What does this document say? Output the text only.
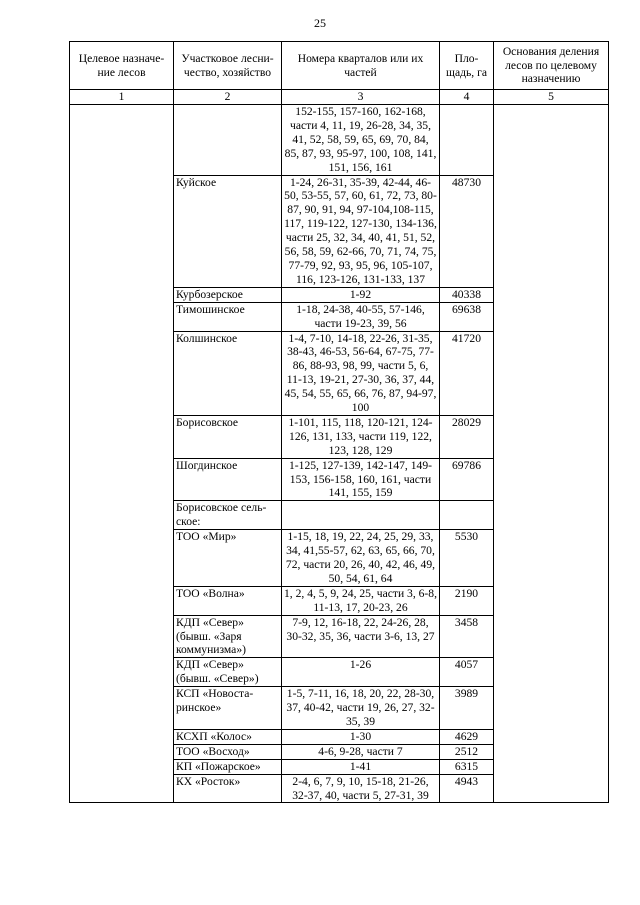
25
Целевое назначе-ние лесов	Участковое лесни-чество, хозяйство	Номера кварталов или их частей	Пло-щадь, га	Основания деления лесов по целевому назначению
1	2	3	4	5
		152-155, 157-160, 162-168, части 4, 11, 19, 26-28, 34, 35, 41, 52, 58, 59, 65, 69, 70, 84, 85, 87, 93, 95-97, 100, 108, 141, 151, 156, 161		
	Куйское	1-24, 26-31, 35-39, 42-44, 46-50, 53-55, 57, 60, 61, 72, 73, 80-87, 90, 91, 94, 97-104,108-115, 117, 119-122, 127-130, 134-136, части 25, 32, 34, 40, 41, 51, 52, 56, 58, 59, 62-66, 70, 71, 74, 75, 77-79, 92, 93, 95, 96, 105-107, 116, 123-126, 131-133, 137	48730	
	Курбозерское	1-92	40338	
	Тимошинское	1-18, 24-38, 40-55, 57-146, части 19-23, 39, 56	69638	
	Колшинское	1-4, 7-10, 14-18, 22-26, 31-35, 38-43, 46-53, 56-64, 67-75, 77-86, 88-93, 98, 99, части 5, 6, 11-13, 19-21, 27-30, 36, 37, 44, 45, 54, 55, 65, 66, 76, 87, 94-97, 100	41720	
	Борисовское	1-101, 115, 118, 120-121, 124-126, 131, 133, части 119, 122, 123, 128, 129	28029	
	Шогдинское	1-125, 127-139, 142-147, 149-153, 156-158, 160, 161, части 141, 155, 159	69786	
	Борисовское сель-ское:			
	ТОО «Мир»	1-15, 18, 19, 22, 24, 25, 29, 33, 34, 41,55-57, 62, 63, 65, 66, 70, 72, части 20, 26, 40, 42, 46, 49, 50, 54, 61, 64	5530	
	ТОО «Волна»	1, 2, 4, 5, 9, 24, 25, части 3, 6-8, 11-13, 17, 20-23, 26	2190	
	КДП «Север» (бывш. «Заря коммунизма»)	7-9, 12, 16-18, 22, 24-26, 28, 30-32, 35, 36, части 3-6, 13, 27	3458	
	КДП «Север» (бывш. «Север»)	1-26	4057	
	КСП «Новоста-ринское»	1-5, 7-11, 16, 18, 20, 22, 28-30, 37, 40-42, части 19, 26, 27, 32-35, 39	3989	
	КСХП «Колос»	1-30	4629	
	ТОО «Восход»	4-6, 9-28, части 7	2512	
	КП «Пожарское»	1-41	6315	
	КХ «Росток»	2-4, 6, 7, 9, 10, 15-18, 21-26, 32-37, 40, части 5, 27-31, 39	4943	
